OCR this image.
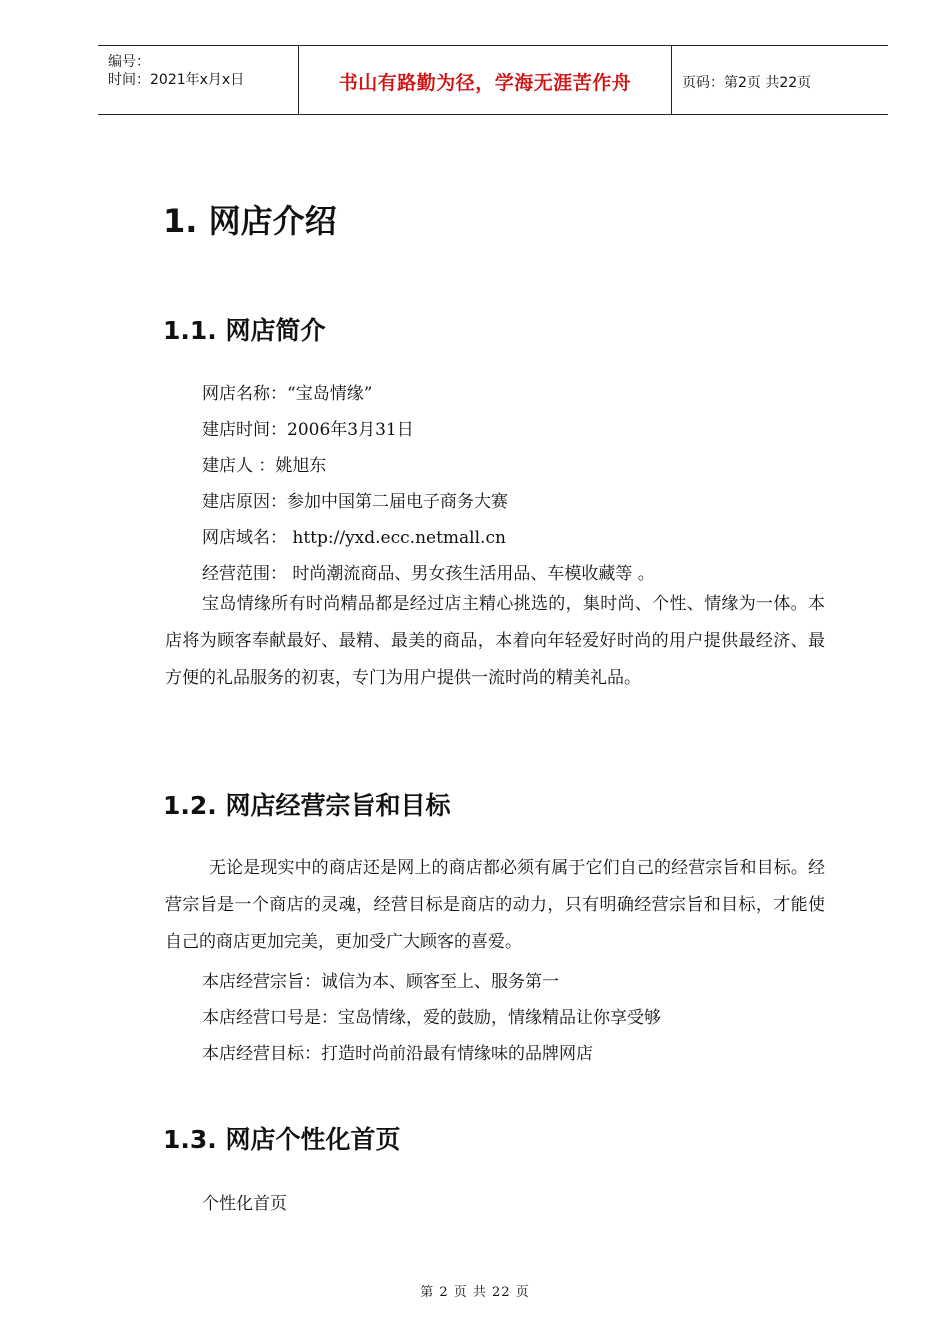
编号：
时间：2021年x月x日	书山有路勤为径，学海无涯苦作舟	页码：第2页 共22页
1. 网店介绍
1.1. 网店简介
网店名称：“宝岛情缘”
建店时间：2006年3月31日
建店人 ：姚旭东
建店原因：参加中国第二届电子商务大赛
网店域名： http://yxd.ecc.netmall.cn
经营范围： 时尚潮流商品、男女孩生活用品、车模收藏等 。

宝岛情缘所有时尚精品都是经过店主精心挑选的，集时尚、个性、情缘为一体。本店将为顾客奉献最好、最精、最美的商品，本着向年轻爱好时尚的用户提供最经济、最方便的礼品服务的初衷，专门为用户提供一流时尚的精美礼品。

1.2. 网店经营宗旨和目标

无论是现实中的商店还是网上的商店都必须有属于它们自己的经营宗旨和目标。经营宗旨是一个商店的灵魂，经营目标是商店的动力，只有明确经营宗旨和目标，才能使自己的商店更加完美，更加受广大顾客的喜爱。

本店经营宗旨：诚信为本、顾客至上、服务第一
本店经营口号是：宝岛情缘，爱的鼓励，情缘精品让你享受够
本店经营目标：打造时尚前沿最有情缘味的品牌网店
1.3. 网店个性化首页
个性化首页
第 2 页 共 22 页
